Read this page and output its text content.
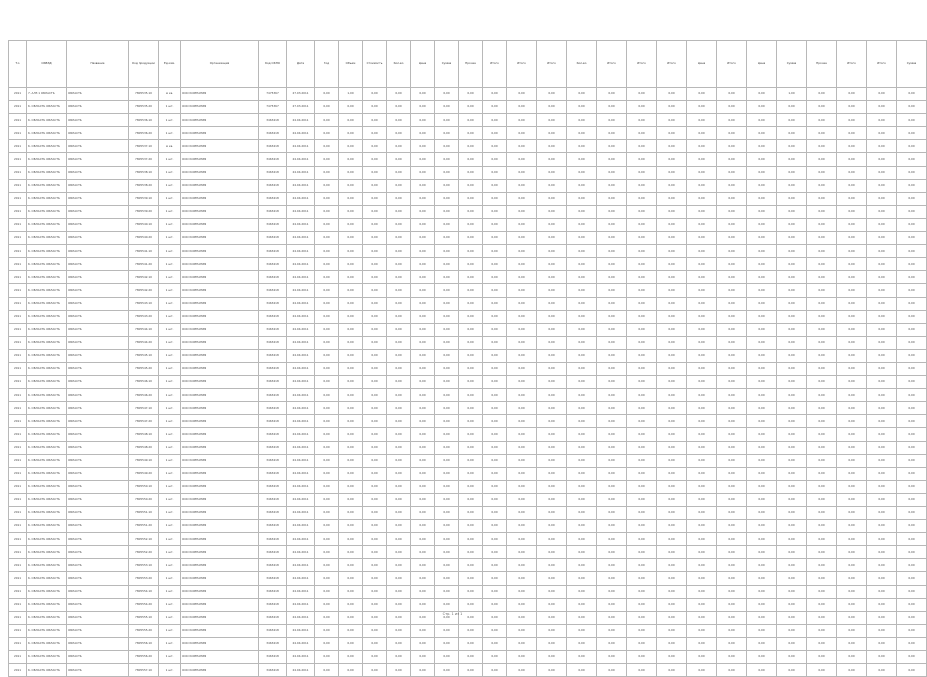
T.o	ОКВЭД	Название	Код продукции	Ед.изм.	Организация	Код ОКПО	Дата	Год	Объем	Стоимость	Кол-во	Цена	Сумма	Прочее	Итого	Итого	Итого	Кол-во	Итого	Итого	Итого	Цена	Итого	Цена	Сумма	Прочее	Итого	Итого	Сумма
2011	7. АЛЗ 1 ОБЛАСТЬ	ОБЛАСТЬ	7805535.10	м кв.	ООО КОМПАНИЯ	7475367	27.03.2011	0,00	1,00	0,00	0,00	0,00	0,00	0,00	0,00	0,00	0,00	0,00	0,00	0,00	0,00	0,00	0,00	0,00	1,00	0,00	0,00	0,00	0,00
2011	6. ОБЛАСТЬ ОБЛАСТЬ	ОБЛАСТЬ	7805535.20	1 шт.	ООО КОМПАНИЯ	7475367	27.03.2011	0,00	0,00	0,00	0,00	0,00	0,00	0,00	0,00	0,00	0,00	0,00	0,00	0,00	0,00	0,00	0,00	0,00	0,00	0,00	0,00	0,00	0,00
2011	6. ОБЛАСТЬ ОБЛАСТЬ	ОБЛАСТЬ	7805536.10	1 шт.	ООО КОМПАНИЯ	3463418	24.04.2011	0,00	0,00	0,00	0,00	0,00	0,00	0,00	0,00	0,00	0,00	0,00	0,00	0,00	0,00	0,00	0,00	0,00	0,00	0,00	0,00	0,00	0,00
2011	6. ОБЛАСТЬ ОБЛАСТЬ	ОБЛАСТЬ	7805536.20	1 шт.	ООО КОМПАНИЯ	3463418	24.04.2011	0,00	0,00	0,00	0,00	0,00	0,00	0,00	0,00	0,00	0,00	0,00	0,00	0,00	0,00	0,00	0,00	0,00	0,00	0,00	0,00	0,00	0,00
2011	6. ОБЛАСТЬ ОБЛАСТЬ	ОБЛАСТЬ	7805537.10	м кв.	ООО КОМПАНИЯ	3463418	24.04.2011	0,00	0,00	0,00	0,00	0,00	0,00	0,00	0,00	0,00	0,00	0,00	0,00	0,00	0,00	0,00	0,00	0,00	0,00	0,00	0,00	0,00	0,00
2011	6. ОБЛАСТЬ ОБЛАСТЬ	ОБЛАСТЬ	7805537.20	1 шт.	ООО КОМПАНИЯ	3463418	24.04.2011	0,00	0,00	0,00	0,00	0,00	0,00	0,00	0,00	0,00	0,00	0,00	0,00	0,00	0,00	0,00	0,00	0,00	0,00	0,00	0,00	0,00	0,00
2011	6. ОБЛАСТЬ ОБЛАСТЬ	ОБЛАСТЬ	7805538.10	1 шт.	ООО КОМПАНИЯ	3463418	24.04.2011	0,00	0,00	0,00	0,00	0,00	0,00	0,00	0,00	0,00	0,00	0,00	0,00	0,00	0,00	0,00	0,00	0,00	0,00	0,00	0,00	0,00	0,00
2011	6. ОБЛАСТЬ ОБЛАСТЬ	ОБЛАСТЬ	7805538.20	1 шт.	ООО КОМПАНИЯ	3463418	24.04.2011	0,00	0,00	0,00	0,00	0,00	0,00	0,00	0,00	0,00	0,00	0,00	0,00	0,00	0,00	0,00	0,00	0,00	0,00	0,00	0,00	0,00	0,00
2011	6. ОБЛАСТЬ ОБЛАСТЬ	ОБЛАСТЬ	7805539.10	1 шт.	ООО КОМПАНИЯ	3463418	24.04.2011	0,00	0,00	0,00	0,00	0,00	0,00	0,00	0,00	0,00	0,00	0,00	0,00	0,00	0,00	0,00	0,00	0,00	0,00	0,00	0,00	0,00	0,00
2011	6. ОБЛАСТЬ ОБЛАСТЬ	ОБЛАСТЬ	7805539.20	1 шт.	ООО КОМПАНИЯ	3463418	24.04.2011	0,00	0,00	0,00	0,00	0,00	0,00	0,00	0,00	0,00	0,00	0,00	0,00	0,00	0,00	0,00	0,00	0,00	0,00	0,00	0,00	0,00	0,00
2011	6. ОБЛАСТЬ ОБЛАСТЬ	ОБЛАСТЬ	7805540.10	1 шт.	ООО КОМПАНИЯ	3463418	24.04.2011	0,00	0,00	0,00	0,00	0,00	0,00	0,00	0,00	0,00	0,00	0,00	0,00	0,00	0,00	0,00	0,00	0,00	0,00	0,00	0,00	0,00	0,00
2011	6. ОБЛАСТЬ ОБЛАСТЬ	ОБЛАСТЬ	7805540.20	1 шт.	ООО КОМПАНИЯ	3463418	24.04.2011	0,00	0,00	0,00	0,00	0,00	0,00	0,00	0,00	0,00	0,00	0,00	0,00	0,00	0,00	0,00	0,00	0,00	0,00	0,00	0,00	0,00	0,00
2011	6. ОБЛАСТЬ ОБЛАСТЬ	ОБЛАСТЬ	7805541.10	1 шт.	ООО КОМПАНИЯ	3463418	24.04.2011	0,00	0,00	0,00	0,00	0,00	0,00	0,00	0,00	0,00	0,00	0,00	0,00	0,00	0,00	0,00	0,00	0,00	0,00	0,00	0,00	0,00	0,00
2011	6. ОБЛАСТЬ ОБЛАСТЬ	ОБЛАСТЬ	7805541.20	1 шт.	ООО КОМПАНИЯ	3463418	24.04.2011	0,00	0,00	0,00	0,00	0,00	0,00	0,00	0,00	0,00	0,00	0,00	0,00	0,00	0,00	0,00	0,00	0,00	0,00	0,00	0,00	0,00	0,00
2011	6. ОБЛАСТЬ ОБЛАСТЬ	ОБЛАСТЬ	7805542.10	1 шт.	ООО КОМПАНИЯ	3463418	24.04.2011	0,00	0,00	0,00	0,00	0,00	0,00	0,00	0,00	0,00	0,00	0,00	0,00	0,00	0,00	0,00	0,00	0,00	0,00	0,00	0,00	0,00	0,00
2011	6. ОБЛАСТЬ ОБЛАСТЬ	ОБЛАСТЬ	7805542.20	1 шт.	ООО КОМПАНИЯ	3463418	24.04.2011	0,00	0,00	0,00	0,00	0,00	0,00	0,00	0,00	0,00	0,00	0,00	0,00	0,00	0,00	0,00	0,00	0,00	0,00	0,00	0,00	0,00	0,00
2011	6. ОБЛАСТЬ ОБЛАСТЬ	ОБЛАСТЬ	7805543.10	1 шт.	ООО КОМПАНИЯ	3463418	24.04.2011	0,00	0,00	0,00	0,00	0,00	0,00	0,00	0,00	0,00	0,00	0,00	0,00	0,00	0,00	0,00	0,00	0,00	0,00	0,00	0,00	0,00	0,00
2011	6. ОБЛАСТЬ ОБЛАСТЬ	ОБЛАСТЬ	7805543.20	1 шт.	ООО КОМПАНИЯ	3463418	24.04.2011	0,00	0,00	0,00	0,00	0,00	0,00	0,00	0,00	0,00	0,00	0,00	0,00	0,00	0,00	0,00	0,00	0,00	0,00	0,00	0,00	0,00	0,00
2011	6. ОБЛАСТЬ ОБЛАСТЬ	ОБЛАСТЬ	7805544.10	1 шт.	ООО КОМПАНИЯ	3463418	24.04.2011	0,00	0,00	0,00	0,00	0,00	0,00	0,00	0,00	0,00	0,00	0,00	0,00	0,00	0,00	0,00	0,00	0,00	0,00	0,00	0,00	0,00	0,00
2011	6. ОБЛАСТЬ ОБЛАСТЬ	ОБЛАСТЬ	7805544.20	1 шт.	ООО КОМПАНИЯ	3463418	24.04.2011	0,00	0,00	0,00	0,00	0,00	0,00	0,00	0,00	0,00	0,00	0,00	0,00	0,00	0,00	0,00	0,00	0,00	0,00	0,00	0,00	0,00	0,00
2011	6. ОБЛАСТЬ ОБЛАСТЬ	ОБЛАСТЬ	7805545.10	1 шт.	ООО КОМПАНИЯ	3463418	24.04.2011	0,00	0,00	0,00	0,00	0,00	0,00	0,00	0,00	0,00	0,00	0,00	0,00	0,00	0,00	0,00	0,00	0,00	0,00	0,00	0,00	0,00	0,00
2011	6. ОБЛАСТЬ ОБЛАСТЬ	ОБЛАСТЬ	7805545.20	1 шт.	ООО КОМПАНИЯ	3463418	24.04.2011	0,00	0,00	0,00	0,00	0,00	0,00	0,00	0,00	0,00	0,00	0,00	0,00	0,00	0,00	0,00	0,00	0,00	0,00	0,00	0,00	0,00	0,00
2011	6. ОБЛАСТЬ ОБЛАСТЬ	ОБЛАСТЬ	7805546.10	1 шт.	ООО КОМПАНИЯ	3463418	24.04.2011	0,00	0,00	0,00	0,00	0,00	0,00	0,00	0,00	0,00	0,00	0,00	0,00	0,00	0,00	0,00	0,00	0,00	0,00	0,00	0,00	0,00	0,00
2011	6. ОБЛАСТЬ ОБЛАСТЬ	ОБЛАСТЬ	7805546.20	1 шт.	ООО КОМПАНИЯ	3463418	24.04.2011	0,00	0,00	0,00	0,00	0,00	0,00	0,00	0,00	0,00	0,00	0,00	0,00	0,00	0,00	0,00	0,00	0,00	0,00	0,00	0,00	0,00	0,00
2011	6. ОБЛАСТЬ ОБЛАСТЬ	ОБЛАСТЬ	7805547.10	1 шт.	ООО КОМПАНИЯ	3463418	24.04.2011	0,00	0,00	0,00	0,00	0,00	0,00	0,00	0,00	0,00	0,00	0,00	0,00	0,00	0,00	0,00	0,00	0,00	0,00	0,00	0,00	0,00	0,00
2011	6. ОБЛАСТЬ ОБЛАСТЬ	ОБЛАСТЬ	7805547.20	1 шт.	ООО КОМПАНИЯ	3463418	24.04.2011	0,00	0,00	0,00	0,00	0,00	0,00	0,00	0,00	0,00	0,00	0,00	0,00	0,00	0,00	0,00	0,00	0,00	0,00	0,00	0,00	0,00	0,00
2011	6. ОБЛАСТЬ ОБЛАСТЬ	ОБЛАСТЬ	7805548.10	1 шт.	ООО КОМПАНИЯ	3463418	24.04.2011	0,00	0,00	0,00	0,00	0,00	0,00	0,00	0,00	0,00	0,00	0,00	0,00	0,00	0,00	0,00	0,00	0,00	0,00	0,00	0,00	0,00	0,00
2011	6. ОБЛАСТЬ ОБЛАСТЬ	ОБЛАСТЬ	7805548.20	1 шт.	ООО КОМПАНИЯ	3463418	24.04.2011	0,00	0,00	0,00	0,00	0,00	0,00	0,00	0,00	0,00	0,00	0,00	0,00	0,00	0,00	0,00	0,00	0,00	0,00	0,00	0,00	0,00	0,00
2011	6. ОБЛАСТЬ ОБЛАСТЬ	ОБЛАСТЬ	7805549.10	1 шт.	ООО КОМПАНИЯ	3463418	24.04.2011	0,00	0,00	0,00	0,00	0,00	0,00	0,00	0,00	0,00	0,00	0,00	0,00	0,00	0,00	0,00	0,00	0,00	0,00	0,00	0,00	0,00	0,00
2011	6. ОБЛАСТЬ ОБЛАСТЬ	ОБЛАСТЬ	7805549.20	1 шт.	ООО КОМПАНИЯ	3463418	24.04.2011	0,00	0,00	0,00	0,00	0,00	0,00	0,00	0,00	0,00	0,00	0,00	0,00	0,00	0,00	0,00	0,00	0,00	0,00	0,00	0,00	0,00	0,00
2011	6. ОБЛАСТЬ ОБЛАСТЬ	ОБЛАСТЬ	7805550.10	1 шт.	ООО КОМПАНИЯ	3463418	24.04.2011	0,00	0,00	0,00	0,00	0,00	0,00	0,00	0,00	0,00	0,00	0,00	0,00	0,00	0,00	0,00	0,00	0,00	0,00	0,00	0,00	0,00	0,00
2011	6. ОБЛАСТЬ ОБЛАСТЬ	ОБЛАСТЬ	7805550.20	1 шт.	ООО КОМПАНИЯ	3463418	24.04.2011	0,00	0,00	0,00	0,00	0,00	0,00	0,00	0,00	0,00	0,00	0,00	0,00	0,00	0,00	0,00	0,00	0,00	0,00	0,00	0,00	0,00	0,00
2011	6. ОБЛАСТЬ ОБЛАСТЬ	ОБЛАСТЬ	7805551.10	1 шт.	ООО КОМПАНИЯ	3463418	24.04.2011	0,00	0,00	0,00	0,00	0,00	0,00	0,00	0,00	0,00	0,00	0,00	0,00	0,00	0,00	0,00	0,00	0,00	0,00	0,00	0,00	0,00	0,00
2011	6. ОБЛАСТЬ ОБЛАСТЬ	ОБЛАСТЬ	7805551.20	1 шт.	ООО КОМПАНИЯ	3463418	24.04.2011	0,00	0,00	0,00	0,00	0,00	0,00	0,00	0,00	0,00	0,00	0,00	0,00	0,00	0,00	0,00	0,00	0,00	0,00	0,00	0,00	0,00	0,00
2011	6. ОБЛАСТЬ ОБЛАСТЬ	ОБЛАСТЬ	7805552.10	1 шт.	ООО КОМПАНИЯ	3463418	24.04.2011	0,00	0,00	0,00	0,00	0,00	0,00	0,00	0,00	0,00	0,00	0,00	0,00	0,00	0,00	0,00	0,00	0,00	0,00	0,00	0,00	0,00	0,00
2011	6. ОБЛАСТЬ ОБЛАСТЬ	ОБЛАСТЬ	7805552.20	1 шт.	ООО КОМПАНИЯ	3463418	24.04.2011	0,00	0,00	0,00	0,00	0,00	0,00	0,00	0,00	0,00	0,00	0,00	0,00	0,00	0,00	0,00	0,00	0,00	0,00	0,00	0,00	0,00	0,00
2011	6. ОБЛАСТЬ ОБЛАСТЬ	ОБЛАСТЬ	7805553.10	1 шт.	ООО КОМПАНИЯ	3463418	24.04.2011	0,00	0,00	0,00	0,00	0,00	0,00	0,00	0,00	0,00	0,00	0,00	0,00	0,00	0,00	0,00	0,00	0,00	0,00	0,00	0,00	0,00	0,00
2011	6. ОБЛАСТЬ ОБЛАСТЬ	ОБЛАСТЬ	7805553.20	1 шт.	ООО КОМПАНИЯ	3463418	24.04.2011	0,00	0,00	0,00	0,00	0,00	0,00	0,00	0,00	0,00	0,00	0,00	0,00	0,00	0,00	0,00	0,00	0,00	0,00	0,00	0,00	0,00	0,00
2011	6. ОБЛАСТЬ ОБЛАСТЬ	ОБЛАСТЬ	7805554.10	1 шт.	ООО КОМПАНИЯ	3463418	24.04.2011	0,00	0,00	0,00	0,00	0,00	0,00	0,00	0,00	0,00	0,00	0,00	0,00	0,00	0,00	0,00	0,00	0,00	0,00	0,00	0,00	0,00	0,00
2011	6. ОБЛАСТЬ ОБЛАСТЬ	ОБЛАСТЬ	7805554.20	1 шт.	ООО КОМПАНИЯ	3463418	24.04.2011	0,00	0,00	0,00	0,00	0,00	0,00	0,00	0,00	0,00	0,00	0,00	0,00	0,00	0,00	0,00	0,00	0,00	0,00	0,00	0,00	0,00	0,00
2011	6. ОБЛАСТЬ ОБЛАСТЬ	ОБЛАСТЬ	7805555.10	1 шт.	ООО КОМПАНИЯ	3463418	24.04.2011	0,00	0,00	0,00	0,00	0,00	0,00	0,00	0,00	0,00	0,00	0,00	0,00	0,00	0,00	0,00	0,00	0,00	0,00	0,00	0,00	0,00	0,00
2011	6. ОБЛАСТЬ ОБЛАСТЬ	ОБЛАСТЬ	7805555.20	1 шт.	ООО КОМПАНИЯ	3463418	24.04.2011	0,00	0,00	0,00	0,00	0,00	0,00	0,00	0,00	0,00	0,00	0,00	0,00	0,00	0,00	0,00	0,00	0,00	0,00	0,00	0,00	0,00	0,00
2011	6. ОБЛАСТЬ ОБЛАСТЬ	ОБЛАСТЬ	7805556.10	1 шт.	ООО КОМПАНИЯ	3463418	24.04.2011	0,00	0,00	0,00	0,00	0,00	0,00	0,00	0,00	0,00	0,00	0,00	0,00	0,00	0,00	0,00	0,00	0,00	0,00	0,00	0,00	0,00	0,00
2011	6. ОБЛАСТЬ ОБЛАСТЬ	ОБЛАСТЬ	7805556.20	1 шт.	ООО КОМПАНИЯ	3463418	24.04.2011	0,00	0,00	0,00	0,00	0,00	0,00	0,00	0,00	0,00	0,00	0,00	0,00	0,00	0,00	0,00	0,00	0,00	0,00	0,00	0,00	0,00	0,00
2011	6. ОБЛАСТЬ ОБЛАСТЬ	ОБЛАСТЬ	7805557.10	1 шт.	ООО КОМПАНИЯ	3463418	24.04.2011	0,00	0,00	0,00	0,00	0,00	0,00	0,00	0,00	0,00	0,00	0,00	0,00	0,00	0,00	0,00	0,00	0,00	0,00	0,00	0,00	0,00	0,00
Стр. 1 из 1
